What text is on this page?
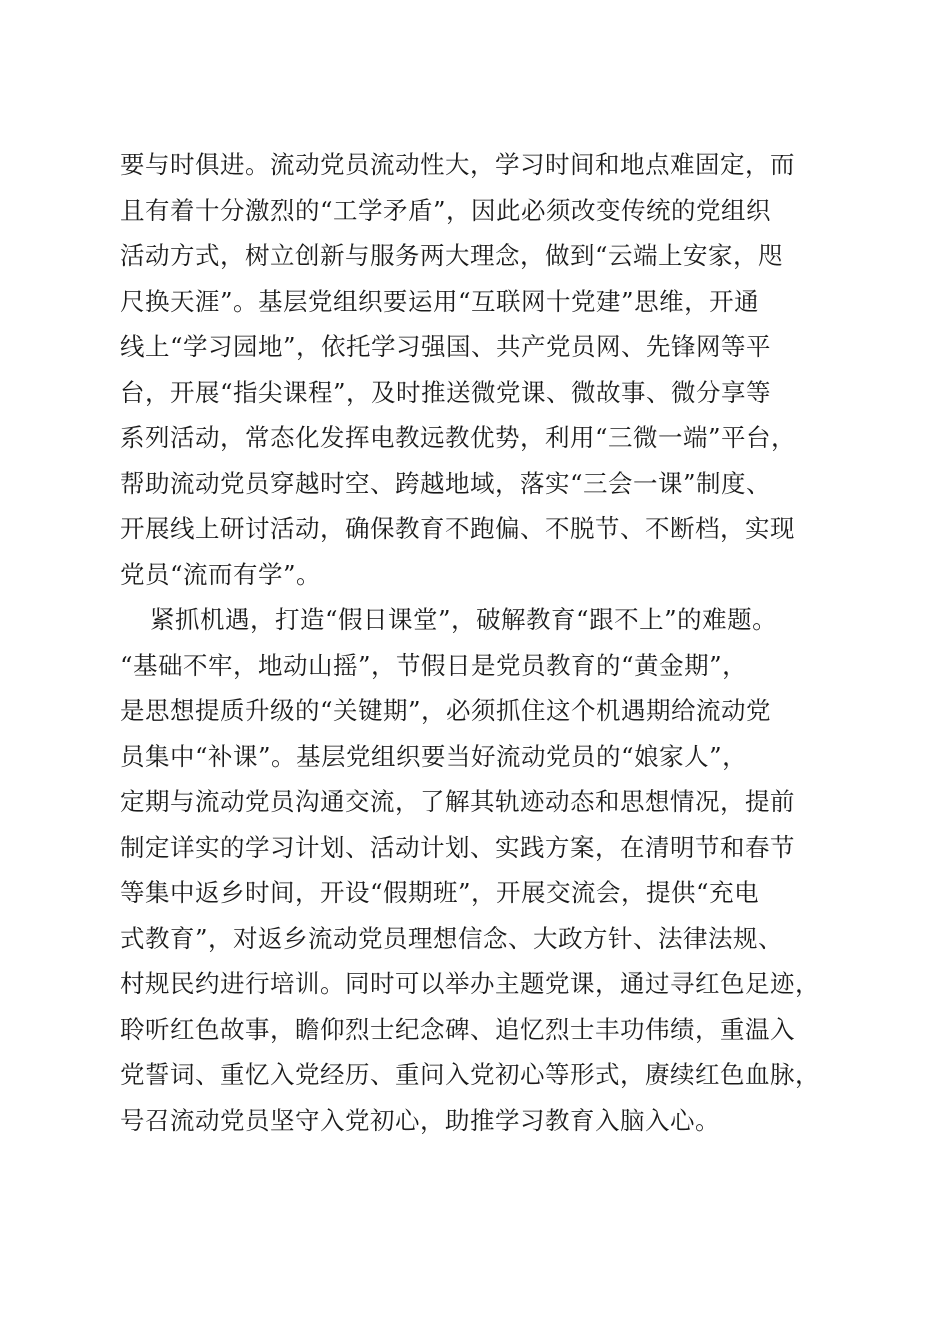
要与时俱进。流动党员流动性大，学习时间和地点难固定，而
且有着十分激烈的“工学矛盾”，因此必须改变传统的党组织
活动方式，树立创新与服务两大理念，做到“云端上安家，咫
尺换天涯”。基层党组织要运用“互联网十党建”思维，开通
线上“学习园地”，依托学习强国、共产党员网、先锋网等平
台，开展“指尖课程”，及时推送微党课、微故事、微分享等
系列活动，常态化发挥电教远教优势，利用“三微一端”平台，
帮助流动党员穿越时空、跨越地域，落实“三会一课”制度、
开展线上研讨活动，确保教育不跑偏、不脱节、不断档，实现
党员“流而有学”。
紧抓机遇，打造“假日课堂”，破解教育“跟不上”的难题。
“基础不牢，地动山摇”，节假日是党员教育的“黄金期”，
是思想提质升级的“关键期”，必须抓住这个机遇期给流动党
员集中“补课”。基层党组织要当好流动党员的“娘家人”，
定期与流动党员沟通交流，了解其轨迹动态和思想情况，提前
制定详实的学习计划、活动计划、实践方案，在清明节和春节
等集中返乡时间，开设“假期班”，开展交流会，提供“充电
式教育”，对返乡流动党员理想信念、大政方针、法律法规、
村规民约进行培训。同时可以举办主题党课，通过寻红色足迹，
聆听红色故事，瞻仰烈士纪念碑、追忆烈士丰功伟绩，重温入
党誓词、重忆入党经历、重问入党初心等形式，赓续红色血脉，
号召流动党员坚守入党初心，助推学习教育入脑入心。
